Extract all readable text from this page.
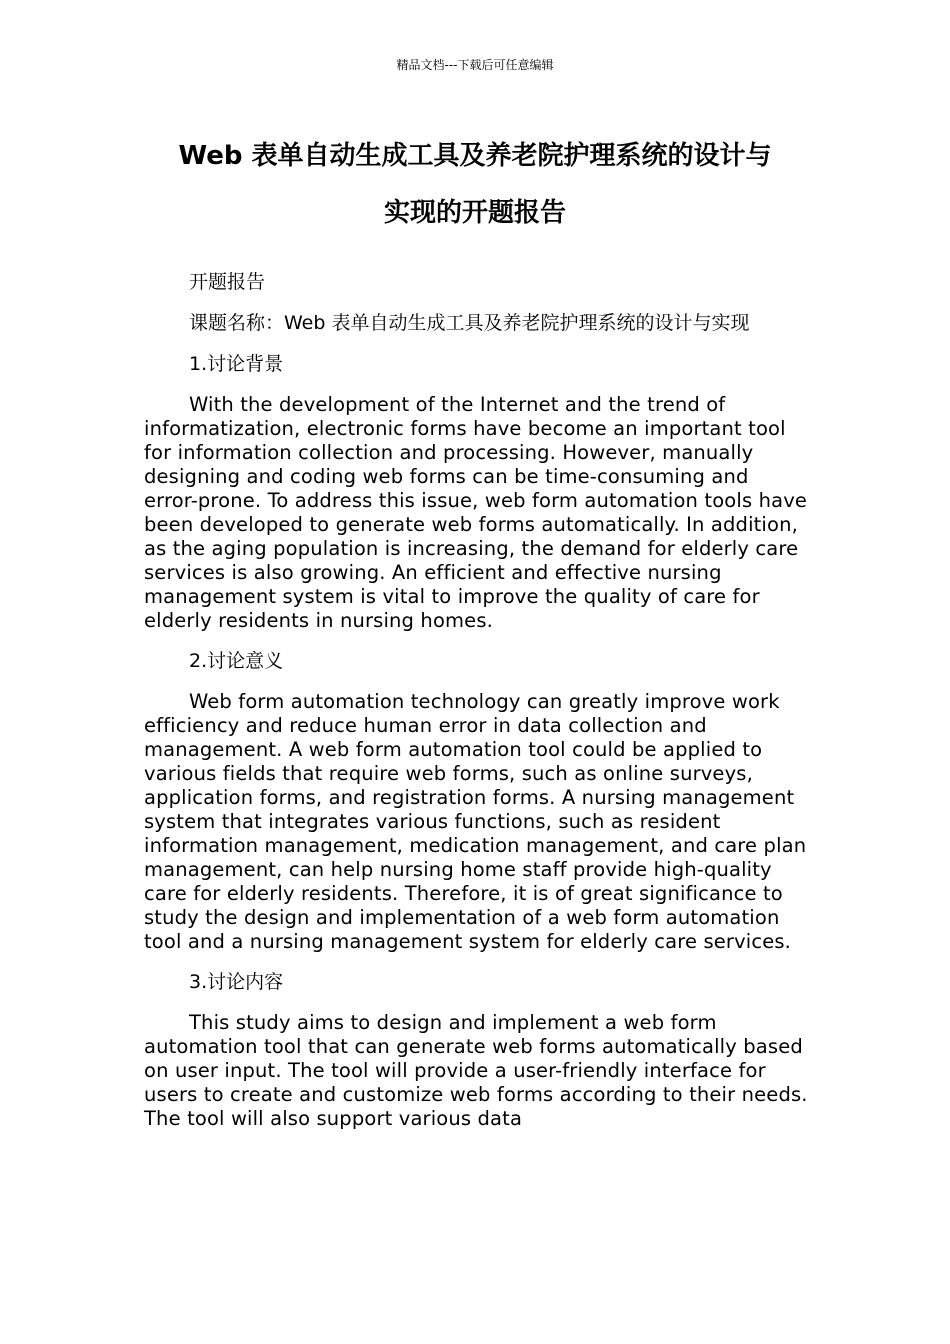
精品文档---下载后可任意编辑
Web 表单自动生成工具及养老院护理系统的设计与
实现的开题报告

开题报告

课题名称：Web 表单自动生成工具及养老院护理系统的设计与实现

1.讨论背景

With the development of the Internet and the trend of informatization, electronic forms have become an important tool for information collection and processing. However, manually designing and coding web forms can be time-consuming and error-prone. To address this issue, web form automation tools have been developed to generate web forms automatically. In addition, as the aging population is increasing, the demand for elderly care services is also growing. An efficient and effective nursing management system is vital to improve the quality of care for elderly residents in nursing homes.

2.讨论意义

Web form automation technology can greatly improve work efficiency and reduce human error in data collection and management. A web form automation tool could be applied to various fields that require web forms, such as online surveys, application forms, and registration forms. A nursing management system that integrates various functions, such as resident information management, medication management, and care plan management, can help nursing home staff provide high-quality care for elderly residents. Therefore, it is of great significance to study the design and implementation of a web form automation tool and a nursing management system for elderly care services.

3.讨论内容

This study aims to design and implement a web form automation tool that can generate web forms automatically based on user input. The tool will provide a user-friendly interface for users to create and customize web forms according to their needs. The tool will also support various data
